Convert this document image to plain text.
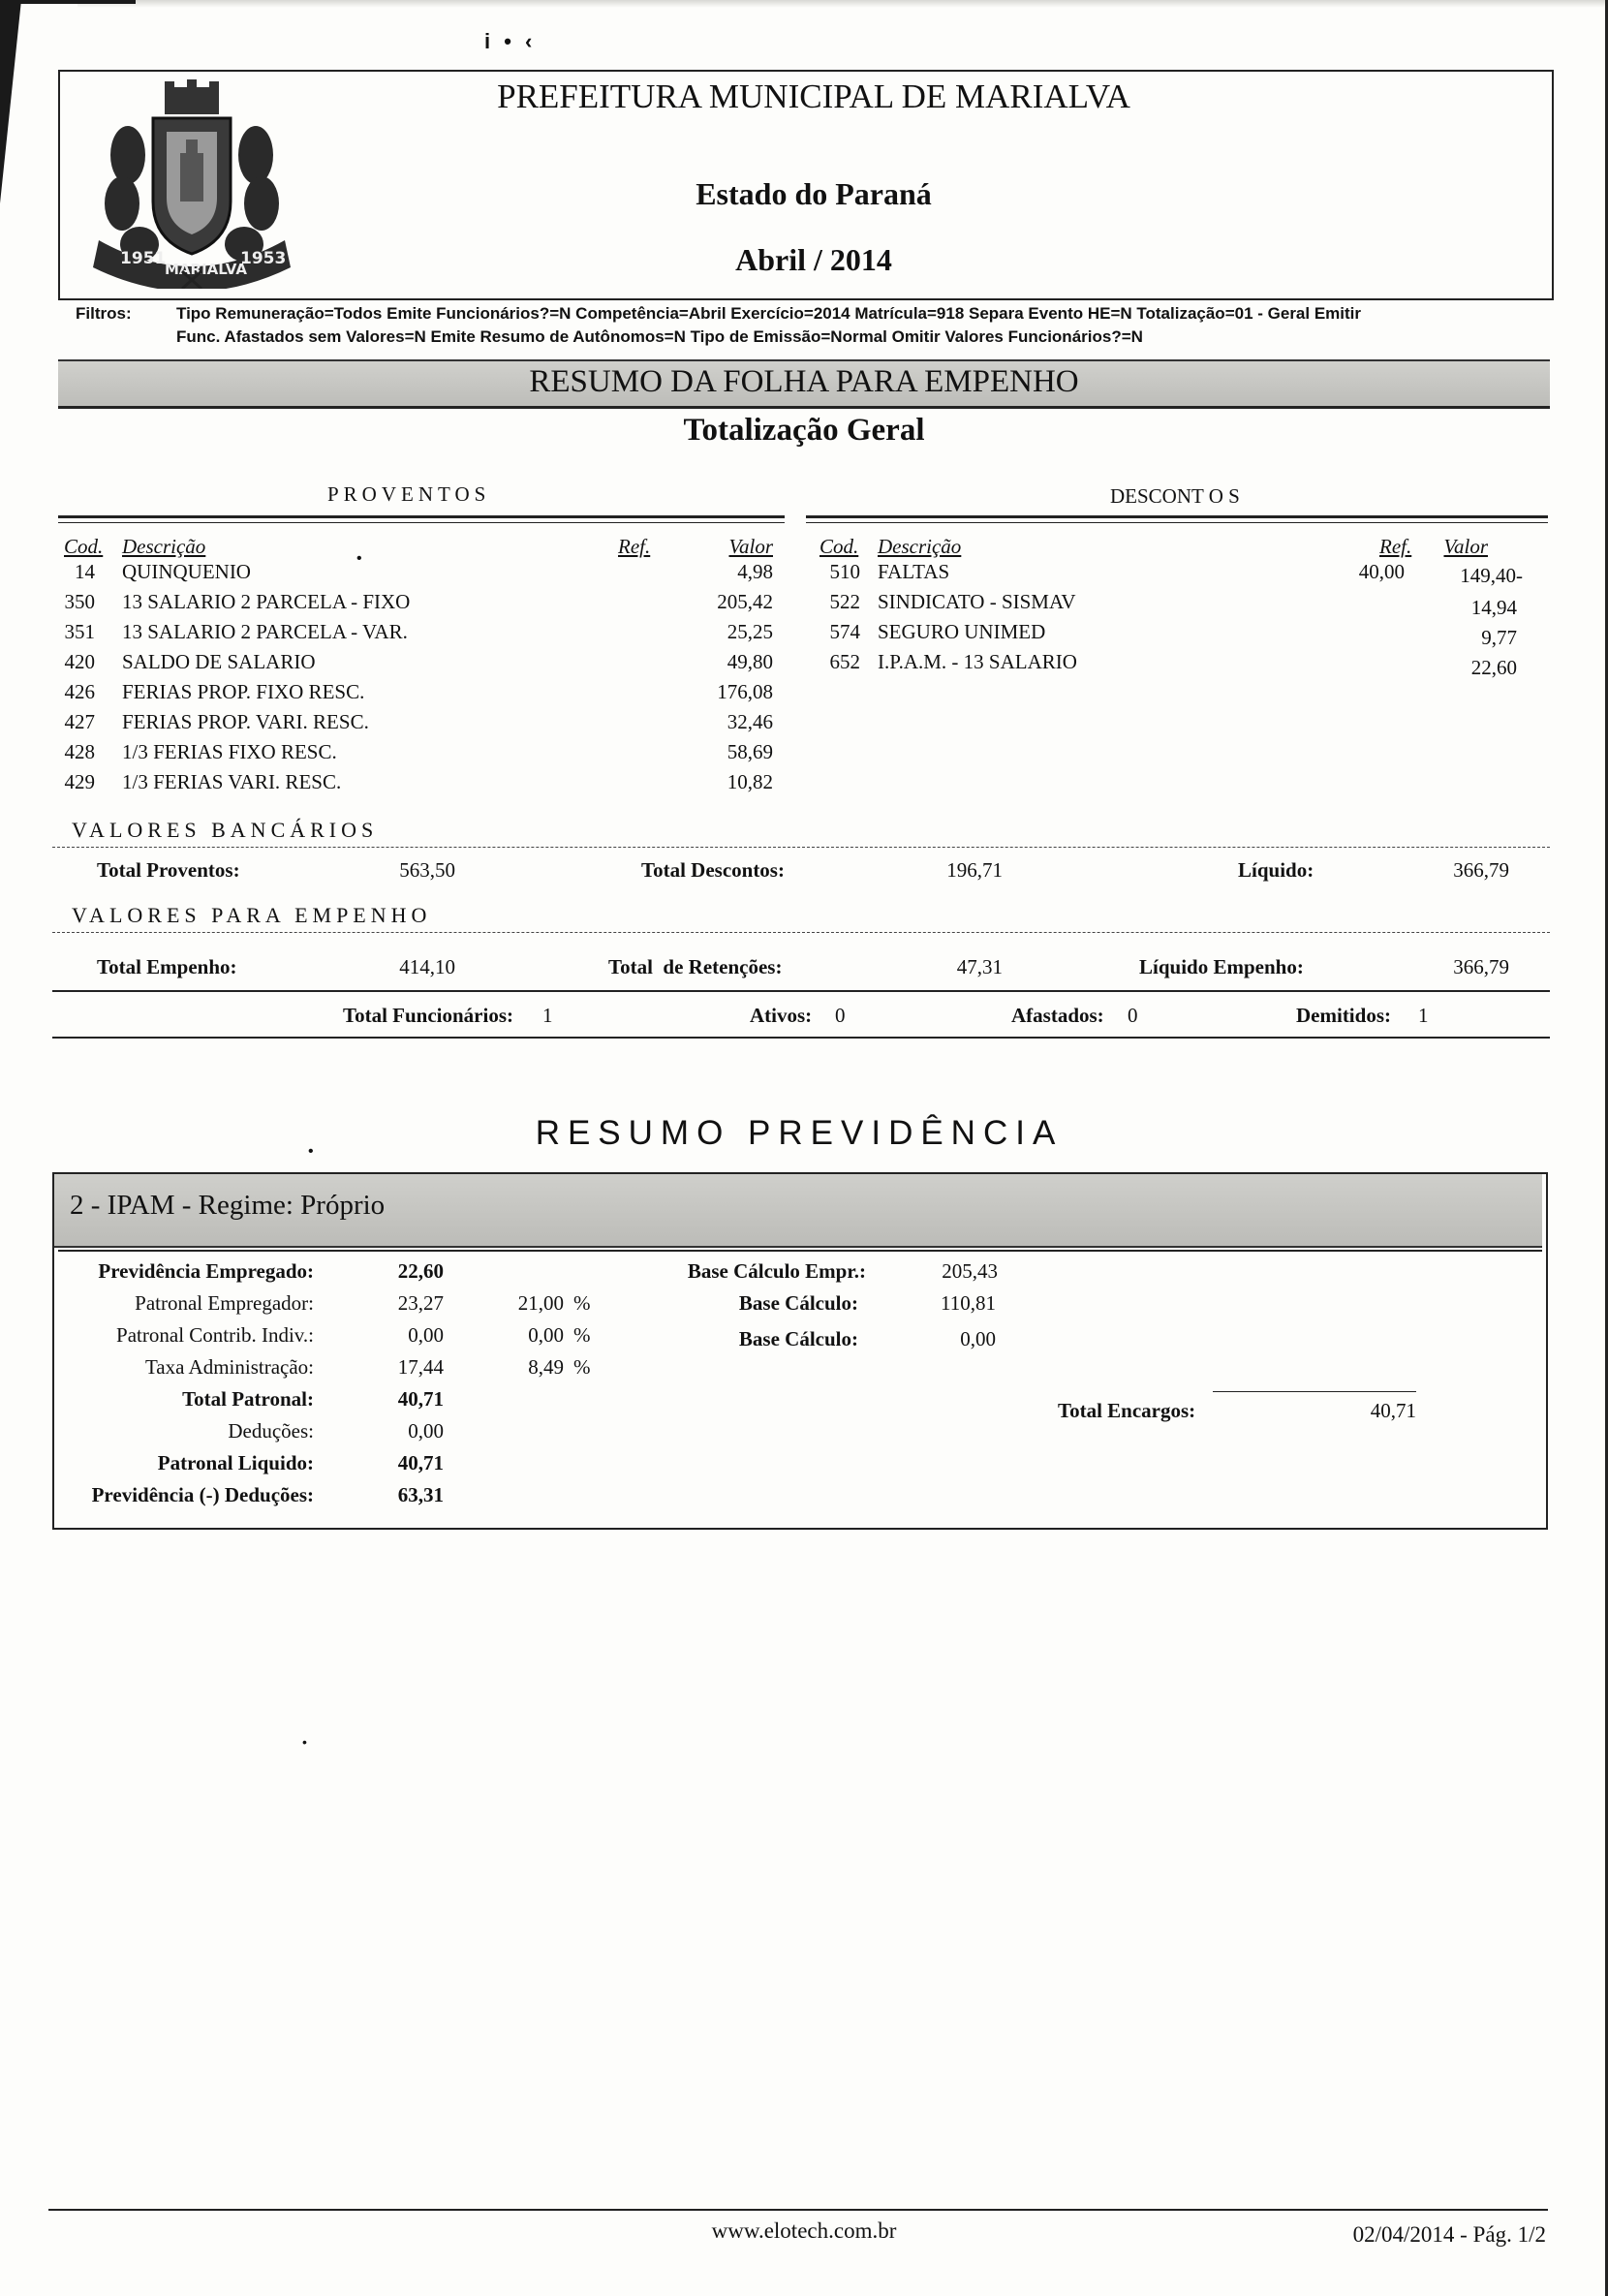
i • ‹
1951
MARIALVA
1953
PREFEITURA MUNICIPAL DE MARIALVA
Estado do Paraná
Abril / 2014
Filtros:	Tipo Remuneração=Todos Emite Funcionários?=N Competência=Abril Exercício=2014 Matrícula=918 Separa Evento HE=N Totalização=01 - Geral Emitir
Func. Afastados sem Valores=N Emite Resumo de Autônomos=N Tipo de Emissão=Normal Omitir Valores Funcionários?=N
RESUMO DA FOLHA PARA EMPENHO
Totalização Geral
PROVENTOS	DESCONT O S
Cod. Descrição	Ref.	Valor Cod. Descrição	Ref.	Valor
14 QUINQUENIO	4,98
350 13 SALARIO 2 PARCELA - FIXO	205,42
351 13 SALARIO 2 PARCELA - VAR.	25,25
420 SALDO DE SALARIO	49,80
426 FERIAS PROP. FIXO RESC.	176,08
427 FERIAS PROP. VARI. RESC.	32,46
428 1/3 FERIAS FIXO RESC.	58,69
429 1/3 FERIAS VARI. RESC.	10,82
510 FALTAS	40,00	149,40-
522 SINDICATO - SISMAV	14,94
574 SEGURO UNIMED	9,77
652 I.P.A.M. - 13 SALARIO	22,60
•
VALORES BANCÁRIOS
Total Proventos:	563,50	Total Descontos:	196,71	Líquido:	366,79
VALORES PARA EMPENHO
Total Empenho:	414,10	Total  de Retenções:	47,31	Líquido Empenho:	366,79
Total Funcionários: 1	Ativos: 0	Afastados: 0	Demitidos: 1
•	RESUMO PREVIDÊNCIA
2 - IPAM - Regime: Próprio
Previdência Empregado:	22,60
Patronal Empregador:	23,27	21,00 %
Patronal Contrib. Indiv.:	0,00	0,00 %
Taxa Administração:	17,44	8,49 %
Total Patronal:	40,71
Deduções:	0,00
Patronal Liquido:	40,71
Previdência (-) Deduções:	63,31
Base Cálculo Empr.:	205,43
Base Cálculo:	110,81
Base Cálculo:	0,00
Total Encargos:	40,71
•
www.elotech.com.br	02/04/2014 - Pág. 1/2
